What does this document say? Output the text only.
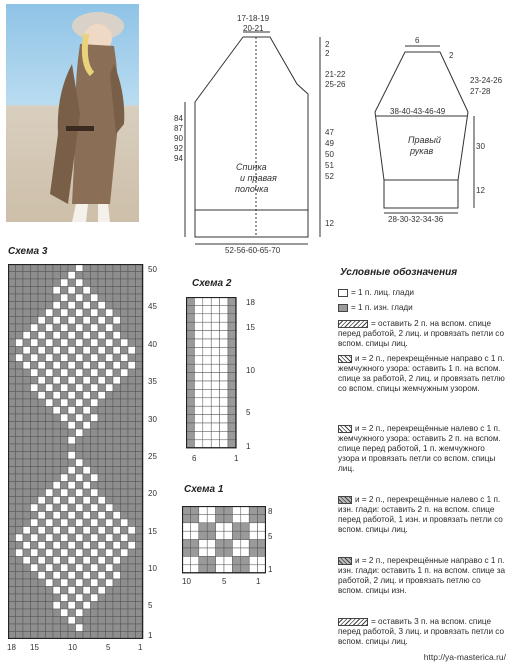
17-18-19
20-21
2
2
21-22
25-26
84
87
90
92
94
47
49
50
51
52
12
52-56-60-65-70
Спинка
и правая
полочка
6
2
23-24-26
27-28
38-40-43-46-49
Правый
рукав	30
12
28-30-32-34-36
Схема 3
50
45
40
35
30
25
20
15
10
5
1
18 15	10	5	1
Схема 2
18
15
10
5
1
6	1
Схема 1
8
5
1
10	5	1
Условные обозначения
= 1 п. лиц. глади
= 1 п. изн. глади
= оставить 2 п. на вспом. спице перед работой, 2 лиц. и провязать петли со вспом. спицы лиц.
и = 2 п., перекрещённые направо с 1 п. жемчужного узора: оставить 1 п. на вспом. спице за работой, 2 лиц. и провязать петлю со вспом. спицы жемчужным узором.
и = 2 п., перекрещённые налево с 1 п. жемчужного узора: оставить 2 п. на вспом. спице перед работой, 1 п. жемчужного узора и провязать петли со вспом. спицы лиц.
и = 2 п., перекрещённые налево с 1 п. изн. глади: оставить 2 п. на вспом. спице перед работой, 1 изн. и провязать петли со вспом. спицы лиц.
и = 2 п., перекрещённые направо с 1 п. изн. глади: оставить 1 п. на вспом. спице за работой, 2 лиц. и провязать петлю со вспом. спицы изн.
= оставить 3 п. на вспом. спице перед работой, 3 лиц. и провязать петли со вспом. спицы лиц.
http://ya-masterica.ru/
